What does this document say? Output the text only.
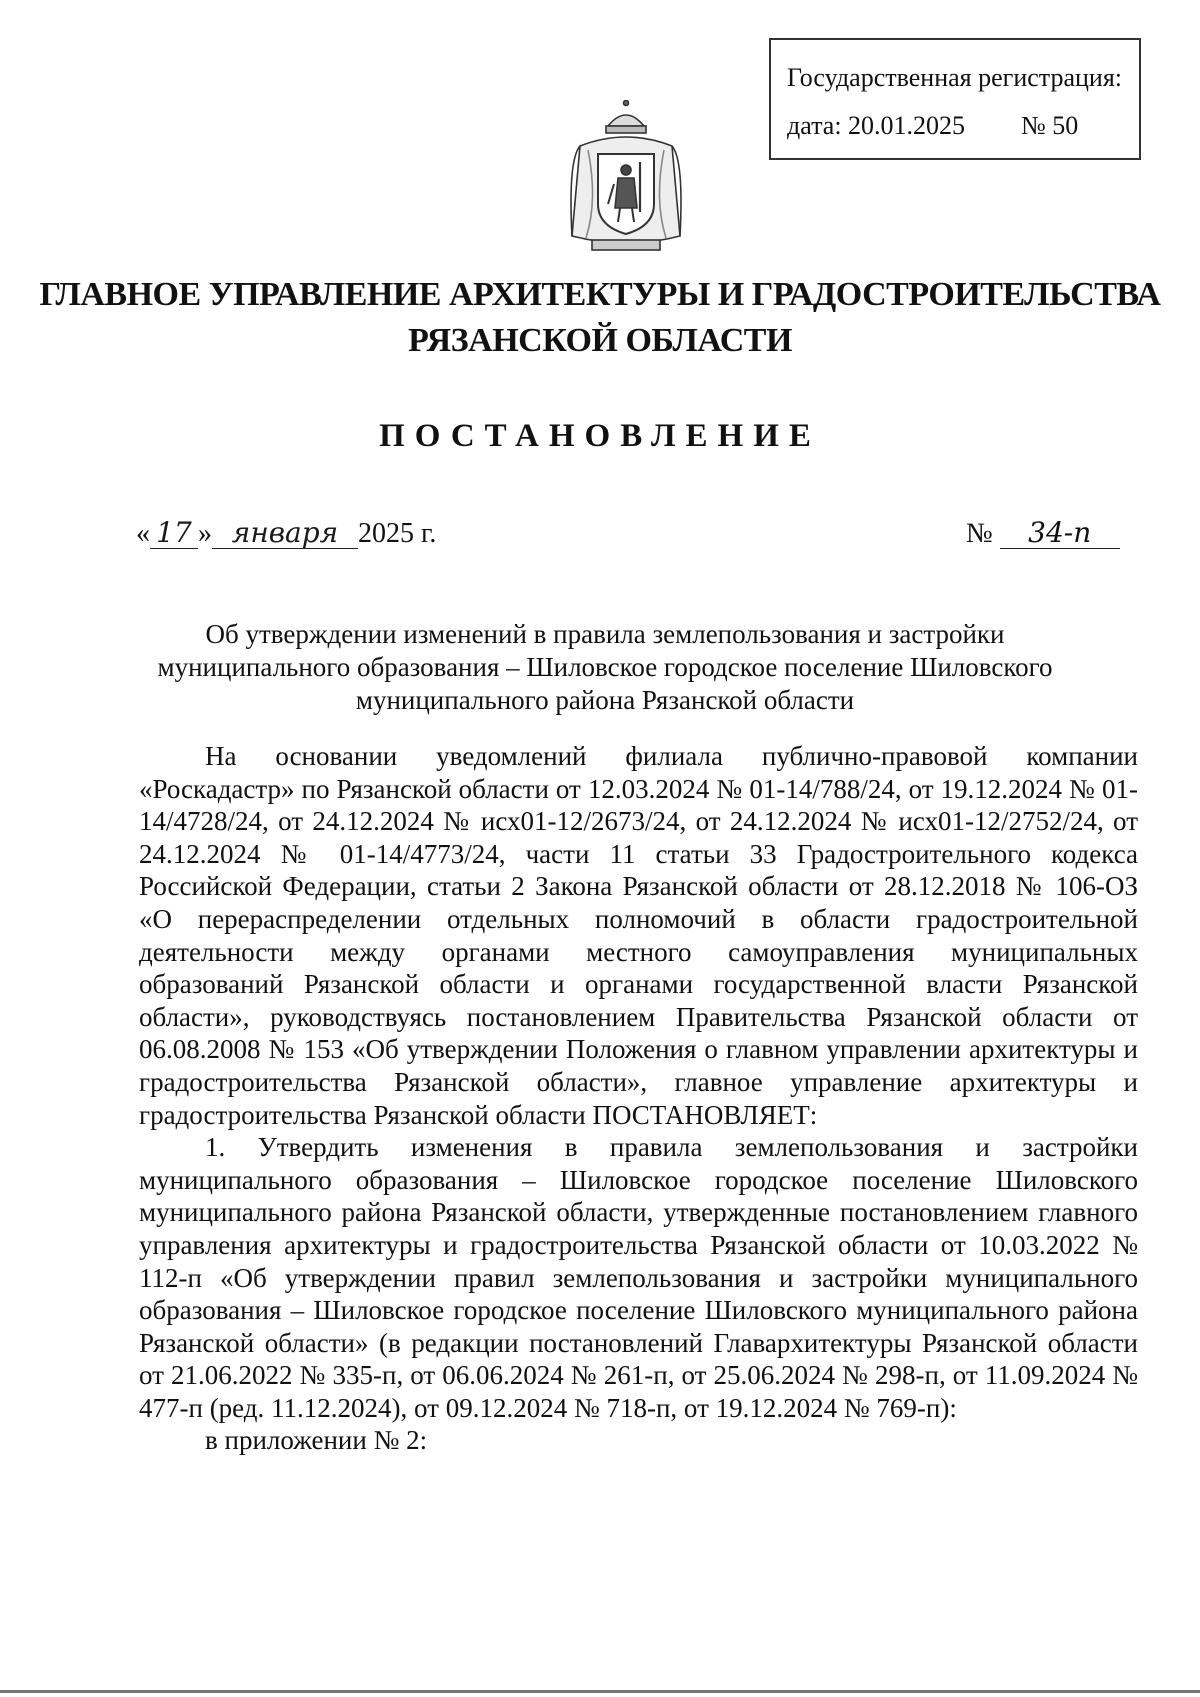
Государственная регистрация:
дата: 20.01.2025 № 50
ГЛАВНОЕ УПРАВЛЕНИЕ АРХИТЕКТУРЫ И ГРАДОСТРОИТЕЛЬСТВА
РЯЗАНСКОЙ ОБЛАСТИ
ПОСТАНОВЛЕНИЕ
« 17 » января 2025 г.	№ 34-п
Об утверждении изменений в правила землепользования и застройки
муниципального образования – Шиловское городское поселение Шиловского
муниципального района Рязанской области

На основании уведомлений филиала публично-правовой компании «Роскадастр» по Рязанской области от 12.03.2024 № 01-14/788/24, от 19.12.2024 № 01-14/4728/24, от 24.12.2024 № исх01-12/2673/24, от 24.12.2024 № исх01-12/2752/24, от 24.12.2024 № 01-14/4773/24, части 11 статьи 33 Градостроительного кодекса Российской Федерации, статьи 2 Закона Рязанской области от 28.12.2018 № 106-ОЗ «О перераспределении отдельных полномочий в области градостроительной деятельности между органами местного самоуправления муниципальных образований Рязанской области и органами государственной власти Рязанской области», руководствуясь постановлением Правительства Рязанской области от 06.08.2008 № 153 «Об утверждении Положения о главном управлении архитектуры и градостроительства Рязанской области», главное управление архитектуры и градостроительства Рязанской области ПОСТАНОВЛЯЕТ:

1. Утвердить изменения в правила землепользования и застройки муниципального образования – Шиловское городское поселение Шиловского муниципального района Рязанской области, утвержденные постановлением главного управления архитектуры и градостроительства Рязанской области от 10.03.2022 № 112-п «Об утверждении правил землепользования и застройки муниципального образования – Шиловское городское поселение Шиловского муниципального района Рязанской области» (в редакции постановлений Главархитектуры Рязанской области от 21.06.2022 № 335-п, от 06.06.2024 № 261-п, от 25.06.2024 № 298-п, от 11.09.2024 № 477-п (ред. 11.12.2024), от 09.12.2024 № 718-п, от 19.12.2024 № 769-п):

в приложении № 2:
